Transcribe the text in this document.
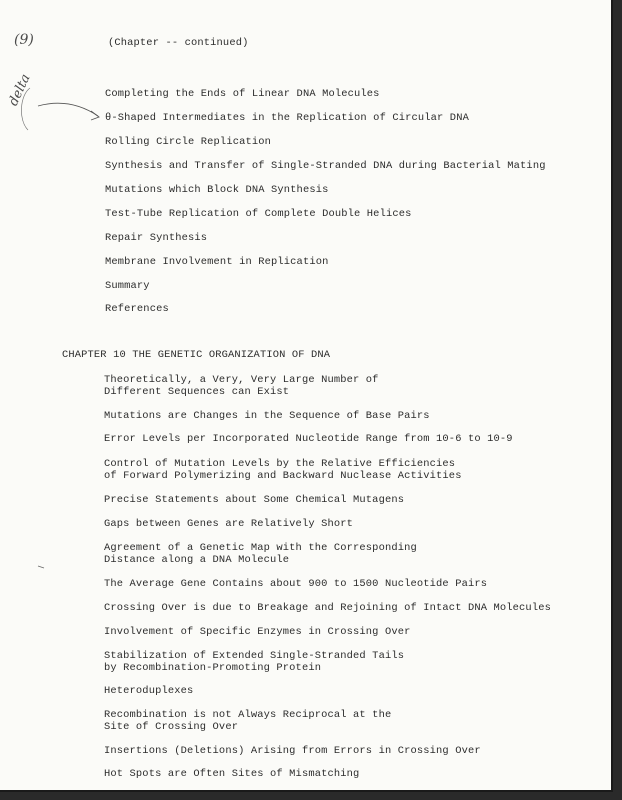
(9)	(Chapter -- continued)
delta	Completing the Ends of Linear DNA Molecules
θ-Shaped Intermediates in the Replication of Circular DNA
Rolling Circle Replication
Synthesis and Transfer of Single-Stranded DNA during Bacterial Mating
Mutations which Block DNA Synthesis
Test-Tube Replication of Complete Double Helices
Repair Synthesis
Membrane Involvement in Replication
Summary
References
CHAPTER 10 THE GENETIC ORGANIZATION OF DNA
Theoretically, a Very, Very Large Number of
Different Sequences can Exist
Mutations are Changes in the Sequence of Base Pairs
Error Levels per Incorporated Nucleotide Range from 10-6 to 10-9
Control of Mutation Levels by the Relative Efficiencies
of Forward Polymerizing and Backward Nuclease Activities
Precise Statements about Some Chemical Mutagens
Gaps between Genes are Relatively Short
Agreement of a Genetic Map with the Corresponding
Distance along a DNA Molecule
The Average Gene Contains about 900 to 1500 Nucleotide Pairs
Crossing Over is due to Breakage and Rejoining of Intact DNA Molecules
Involvement of Specific Enzymes in Crossing Over
Stabilization of Extended Single-Stranded Tails
by Recombination-Promoting Protein
Heteroduplexes
Recombination is not Always Reciprocal at the
Site of Crossing Over
Insertions (Deletions) Arising from Errors in Crossing Over
Hot Spots are Often Sites of Mismatching
